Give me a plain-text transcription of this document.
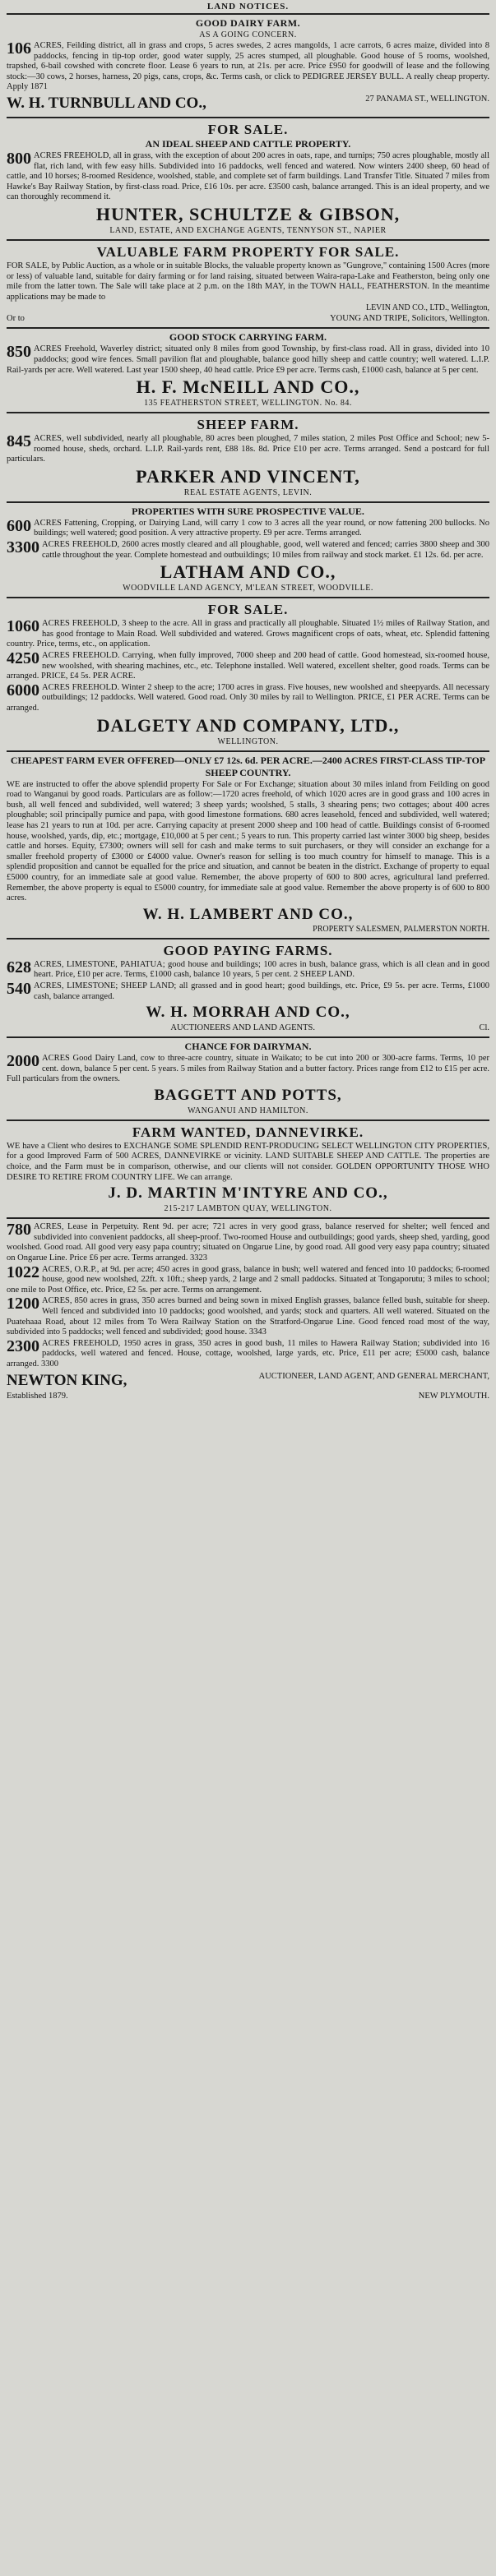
LAND NOTICES.
GOOD DAIRY FARM.
AS A GOING CONCERN.
106 ACRES, Feilding district, all in grass and crops, 5 acres swedes, 2 acres mangolds, 1 acre carrots, 6 acres maize, divided into 8 paddocks, fencing in tip-top order, good water supply, 25 acres stumped, all ploughable. Good house of 5 rooms, woolshed, trapshed, 6-bail cowshed with concrete floor. Lease 6 years to run, at 21s. per acre. Price £950 for goodwill of lease and the following stock:—30 cows, 2 horses, harness, 20 pigs, cans, crops, &c. Terms cash, or click to PEDIGREE JERSEY BULL. A really cheap property. Apply 1871
W. H. TURNBULL AND CO.,	27 PANAMA ST., WELLINGTON.
FOR SALE.
AN IDEAL SHEEP AND CATTLE PROPERTY.
800 ACRES FREEHOLD, all in grass, with the exception of about 200 acres in oats, rape, and turnips; 750 acres ploughable, mostly all flat, rich land, with few easy hills. Subdivided into 16 paddocks, well fenced and watered. Now winters 2400 sheep, 60 head of cattle, and 10 horses; 8-roomed Residence, woolshed, stable, and complete set of farm buildings. Land Transfer Title. Situated 7 miles from Hawke's Bay Railway Station, by first-class road. Price, £16 10s. per acre. £3500 cash, balance arranged. This is an ideal property, and we can thoroughly recommend it.
HUNTER, SCHULTZE & GIBSON,
LAND, ESTATE, AND EXCHANGE AGENTS, TENNYSON ST., NAPIER
VALUABLE FARM PROPERTY FOR SALE.
FOR SALE, by Public Auction, as a whole or in suitable Blocks, the valuable property known as "Gungrove," containing 1500 Acres (more or less) of valuable land, suitable for dairy farming or for land raising, situated between Waira-rapa-Lake and Featherston, being only one mile from the latter town. The Sale will take place at 2 p.m. on the 18th MAY, in the TOWN HALL, FEATHERSTON. In the meantime applications may be made to
LEVIN AND CO., LTD., Wellington,
Or to	YOUNG AND TRIPE, Solicitors, Wellington.
GOOD STOCK CARRYING FARM.
850 ACRES Freehold, Waverley district; situated only 8 miles from good Township, by first-class road. All in grass, divided into 10 paddocks; good wire fences. Small pavilion flat and ploughable, balance good hilly sheep and cattle country; well watered. L.I.P. Rail-yards per acre. Well watered. Last year 1500 sheep, 40 head cattle. Price £9 per acre. Terms cash, £1000 cash, balance at 5 per cent.
H. F. McNEILL AND CO.,
135 FEATHERSTON STREET, WELLINGTON. No. 84.
SHEEP FARM.
845 ACRES, well subdivided, nearly all ploughable, 80 acres been ploughed, 7 miles station, 2 miles Post Office and School; new 5-roomed house, sheds, orchard. L.I.P. Rail-yards rent, £88 18s. 8d. Price £10 per acre. Terms arranged. Send a postcard for full particulars.
PARKER AND VINCENT,
REAL ESTATE AGENTS, LEVIN.
PROPERTIES WITH SURE PROSPECTIVE VALUE.
600 ACRES Fattening, Cropping, or Dairying Land, will carry 1 cow to 3 acres all the year round, or now fattening 200 bullocks. No buildings; well watered; good position. A very attractive property. £9 per acre. Terms arranged.
3300 ACRES FREEHOLD, 2600 acres mostly cleared and all ploughable, good, well watered and fenced; carries 3800 sheep and 300 cattle throughout the year. Complete homestead and outbuildings; 10 miles from railway and stock market. £1 12s. 6d. per acre.
LATHAM AND CO.,
WOODVILLE LAND AGENCY, M'LEAN STREET, WOODVILLE.
FOR SALE.
1060 ACRES FREEHOLD, 3 sheep to the acre. All in grass and practically all ploughable. Situated 1½ miles of Railway Station, and has good frontage to Main Road. Well subdivided and watered. Grows magnificent crops of oats, wheat, etc. Splendid fattening country. Price, terms, etc., on application.
4250 ACRES FREEHOLD. Carrying, when fully improved, 7000 sheep and 200 head of cattle. Good homestead, six-roomed house, new woolshed, with shearing machines, etc., etc. Telephone installed. Well watered, excellent shelter, good roads. Terms can be arranged. PRICE, £4 5s. PER ACRE.
6000 ACRES FREEHOLD. Winter 2 sheep to the acre; 1700 acres in grass. Five houses, new woolshed and sheepyards. All necessary outbuildings; 12 paddocks. Well watered. Good road. Only 30 miles by rail to Wellington. PRICE, £1 PER ACRE. Terms can be arranged.
DALGETY AND COMPANY, LTD.,
WELLINGTON.
CHEAPEST FARM EVER OFFERED—ONLY £7 12s. 6d. PER ACRE.—2400 ACRES FIRST-CLASS TIP-TOP SHEEP COUNTRY.
WE are instructed to offer the above splendid property For Sale or For Exchange; situation about 30 miles inland from Feilding on good road to Wanganui by good roads. Particulars are as follow:—1720 acres freehold, of which 1020 acres are in good grass and 100 acres in bush, all well fenced and subdivided, well watered; 3 sheep yards; woolshed, 5 stalls, 3 shearing pens; two cottages; about 400 acres ploughable; soil principally pumice and papa, with good limestone formations. 680 acres leasehold, fenced and subdivided, well watered; lease has 21 years to run at 10d. per acre. Carrying capacity at present 2000 sheep and 100 head of cattle. Buildings consist of 6-roomed house, woolshed, yards, dip, etc.; mortgage, £10,000 at 5 per cent.; 5 years to run. This property carried last winter 3000 big sheep, besides cattle and horses. Equity, £7300; owners will sell for cash and make terms to suit purchasers, or they will consider an exchange for a smaller freehold property of £3000 or £4000 value. Owner's reason for selling is too much country for himself to manage. This is a splendid proposition and cannot be equalled for the price and situation, and cannot be beaten in the district. Exchange of property to equal £5000 country, for an immediate sale at good value. Remember, the above property of 600 to 800 acres, agricultural land preferred. Remember, the above property is equal to £5000 country, for immediate sale at good value. Remember the above property is of 600 to 800 acres.
W. H. LAMBERT AND CO.,
PROPERTY SALESMEN, PALMERSTON NORTH.
GOOD PAYING FARMS.
628 ACRES, LIMESTONE, PAHIATUA; good house and buildings; 100 acres in bush, balance grass, which is all clean and in good heart. Price, £10 per acre. Terms, £1000 cash, balance 10 years, 5 per cent. 2 SHEEP LAND.
540 ACRES, LIMESTONE; SHEEP LAND; all grassed and in good heart; good buildings, etc. Price, £9 5s. per acre. Terms, £1000 cash, balance arranged.
W. H. MORRAH AND CO.,
AUCTIONEERS AND LAND AGENTS.	Cl.
CHANCE FOR DAIRYMAN.
2000 ACRES Good Dairy Land, cow to three-acre country, situate in Waikato; to be cut into 200 or 300-acre farms. Terms, 10 per cent. down, balance 5 per cent. 5 years. 5 miles from Railway Station and a butter factory. Prices range from £12 to £15 per acre. Full particulars from the owners.
BAGGETT AND POTTS,
WANGANUI AND HAMILTON.
FARM WANTED, DANNEVIRKE.
WE have a Client who desires to EXCHANGE SOME SPLENDID RENT-PRODUCING SELECT WELLINGTON CITY PROPERTIES, for a good Improved Farm of 500 ACRES, DANNEVIRKE or vicinity. LAND SUITABLE SHEEP AND CATTLE. The properties are choice, and the Farm must be in comparison, otherwise, and our clients will not consider. GOLDEN OPPORTUNITY THOSE WHO DESIRE TO RETIRE FROM COUNTRY LIFE. We can arrange.
J. D. MARTIN M'INTYRE AND CO.,
215-217 LAMBTON QUAY, WELLINGTON.
780 ACRES, Lease in Perpetuity. Rent 9d. per acre; 721 acres in very good grass, balance reserved for shelter; well fenced and subdivided into convenient paddocks, all sheep-proof. Two-roomed House and outbuildings; good yards, sheep shed, yarding, good woolshed. Good road. All good very easy papa country; situated on Ongarue Line, by good road. All good very easy papa country; situated on Ongarue Line. Price £6 per acre. Terms arranged. 3323
1022 ACRES, O.R.P., at 9d. per acre; 450 acres in good grass, balance in bush; well watered and fenced into 10 paddocks; 6-roomed house, good new woolshed, 22ft. x 10ft.; sheep yards, 2 large and 2 small paddocks. Situated at Tongaporutu; 3 miles to school; one mile to Post Office, etc. Price, £2 5s. per acre. Terms on arrangement.
1200 ACRES, 850 acres in grass, 350 acres burned and being sown in mixed English grasses, balance felled bush, suitable for sheep. Well fenced and subdivided into 10 paddocks; good woolshed, and yards; stock and quarters. All well watered. Situated on the Puatehaaa Road, about 12 miles from To Wera Railway Station on the Stratford-Ongarue Line. Good fenced road most of the way, subdivided into 5 paddocks; well fenced and subdivided; good house. 3343
2300 ACRES FREEHOLD, 1950 acres in grass, 350 acres in good bush, 11 miles to Hawera Railway Station; subdivided into 16 paddocks, well watered and fenced. House, cottage, woolshed, large yards, etc. Price, £11 per acre; £5000 cash, balance arranged. 3300
NEWTON KING,	AUCTIONEER, LAND AGENT, AND GENERAL MERCHANT,
Established 1879.	NEW PLYMOUTH.
